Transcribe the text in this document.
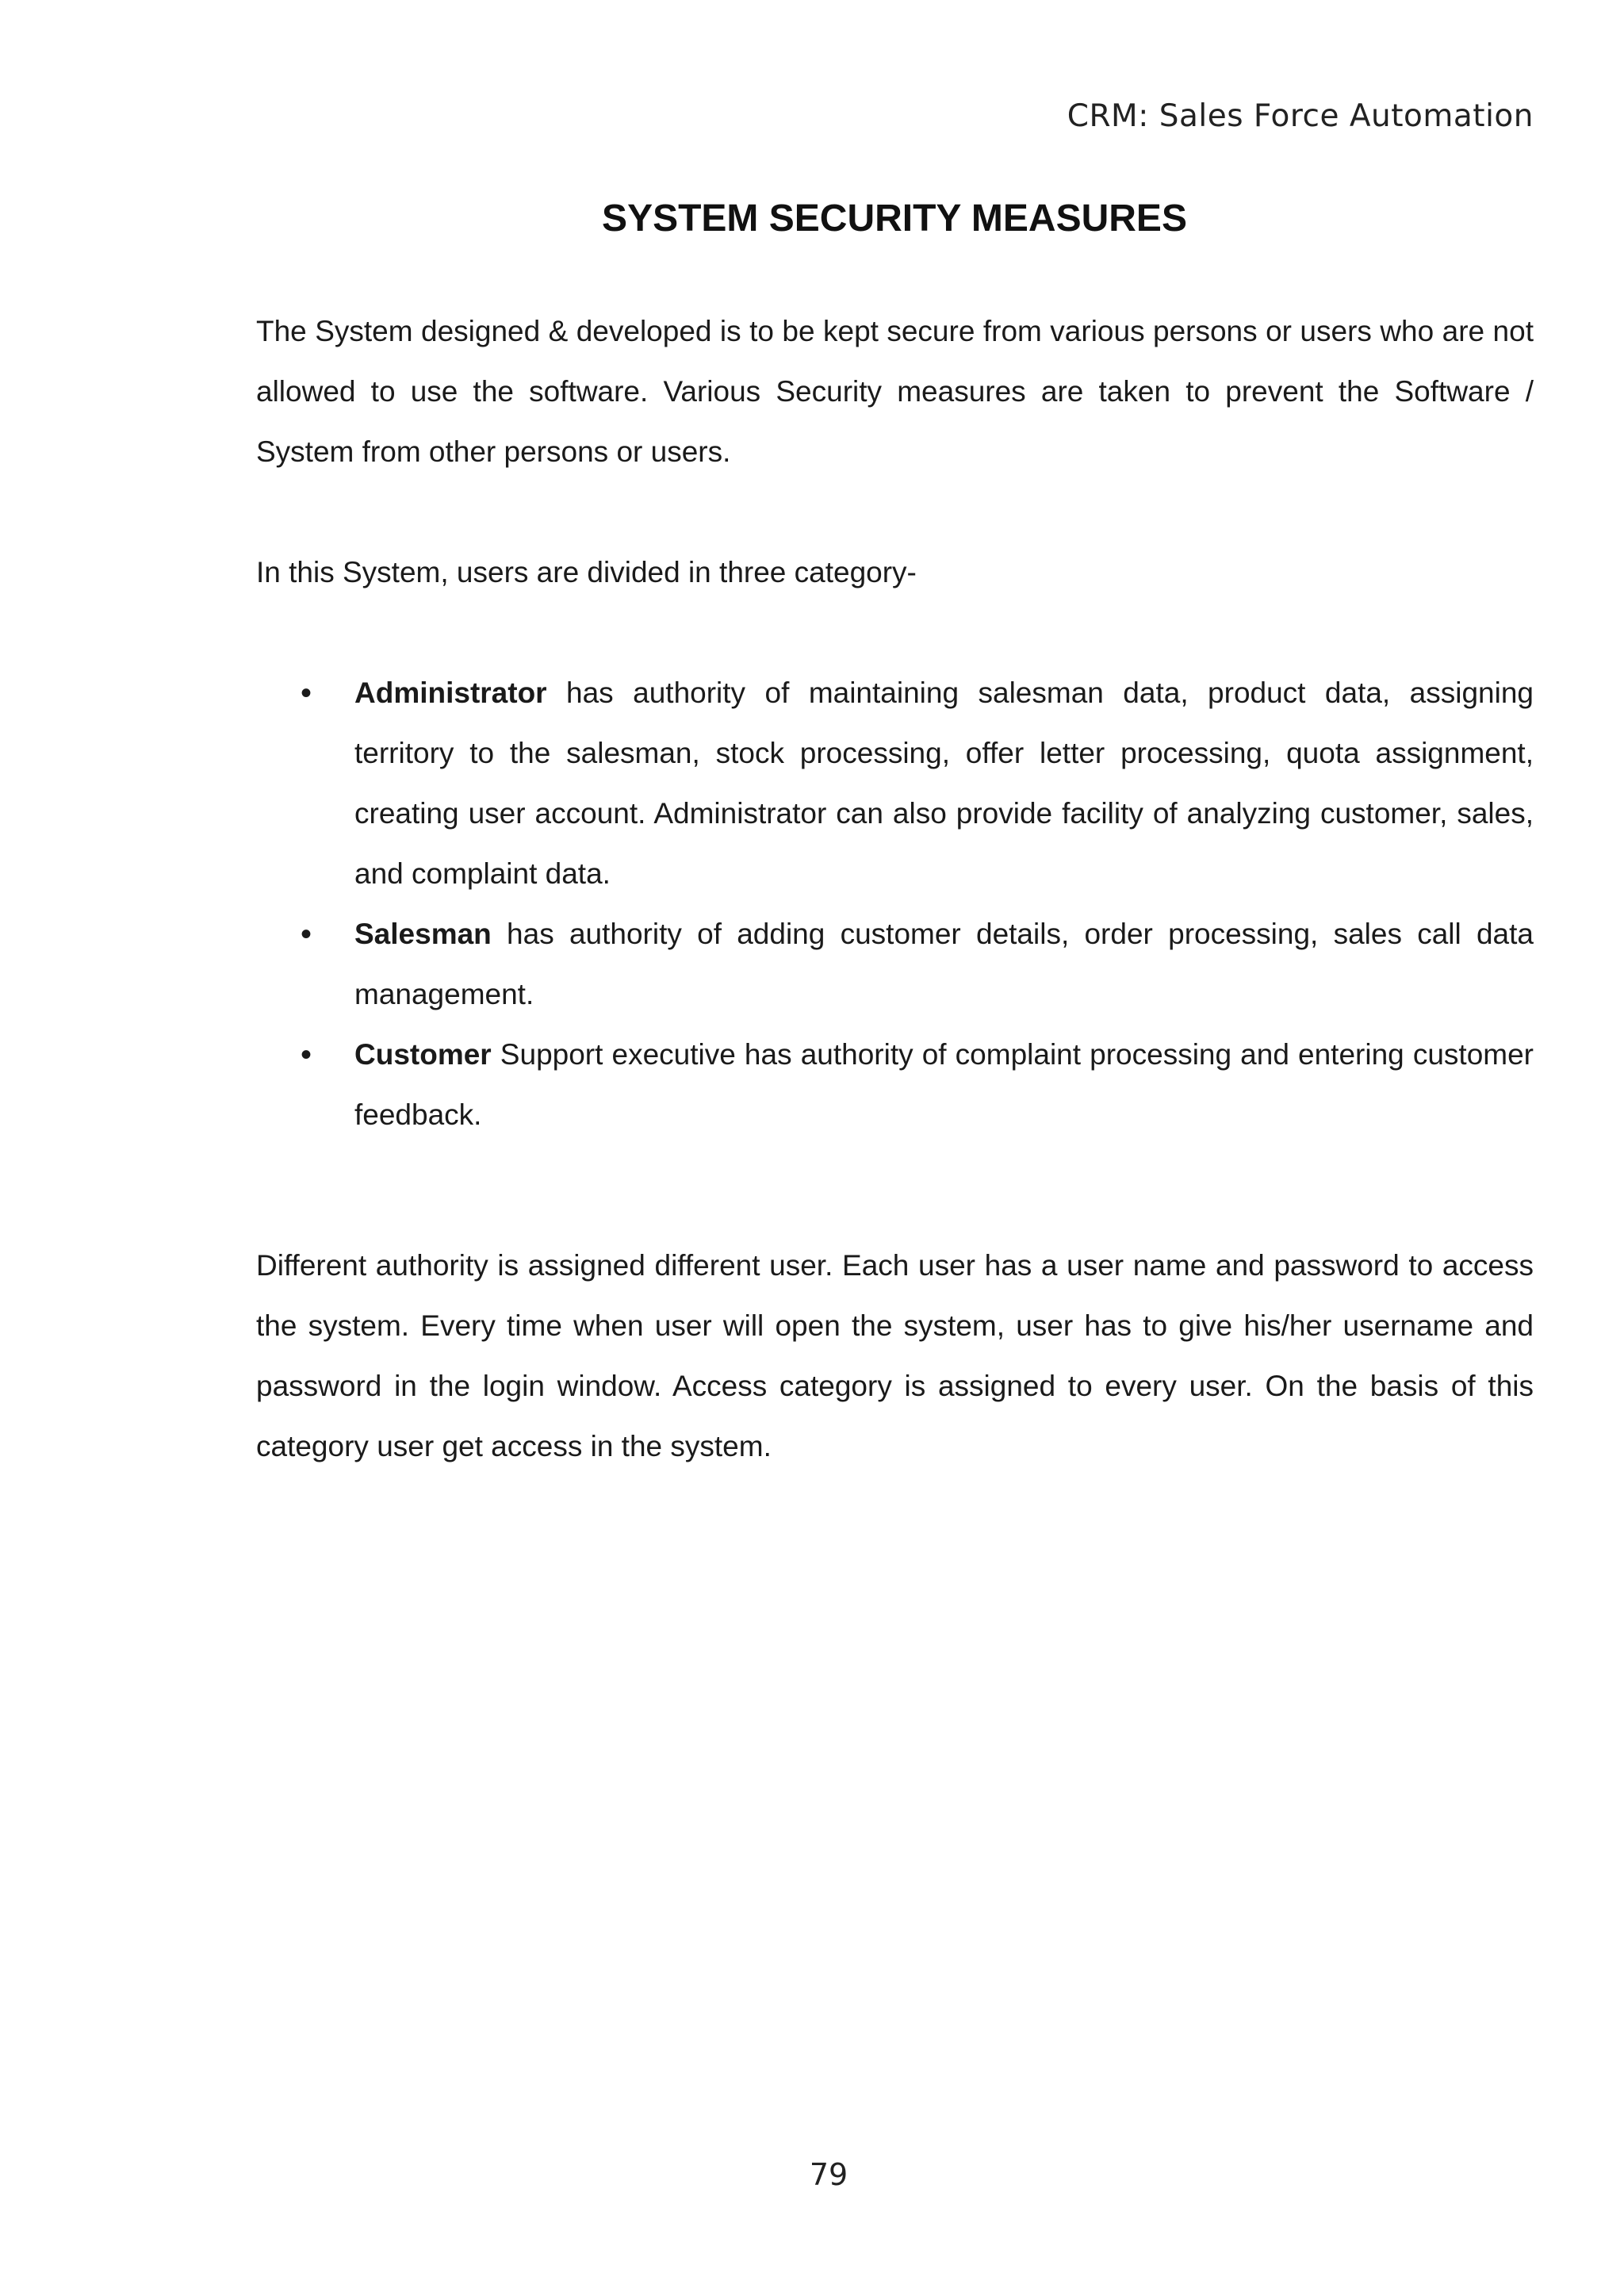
CRM: Sales Force Automation
SYSTEM SECURITY MEASURES

The System designed & developed is to be kept secure from various persons or users who are not allowed to use the software. Various Security measures are taken to prevent the Software / System from other persons or users.

In this System, users are divided in three category-

• Administrator has authority of maintaining salesman data, product data, assigning territory to the salesman, stock processing, offer letter processing, quota assignment, creating user account. Administrator can also provide facility of analyzing customer, sales, and complaint data.
• Salesman has authority of adding customer details, order processing, sales call data management.
• Customer Support executive has authority of complaint processing and entering customer feedback.

Different authority is assigned different user. Each user has a user name and password to access the system. Every time when user will open the system, user has to give his/her username and password in the login window. Access category is assigned to every user. On the basis of this category user get access in the system.

79
